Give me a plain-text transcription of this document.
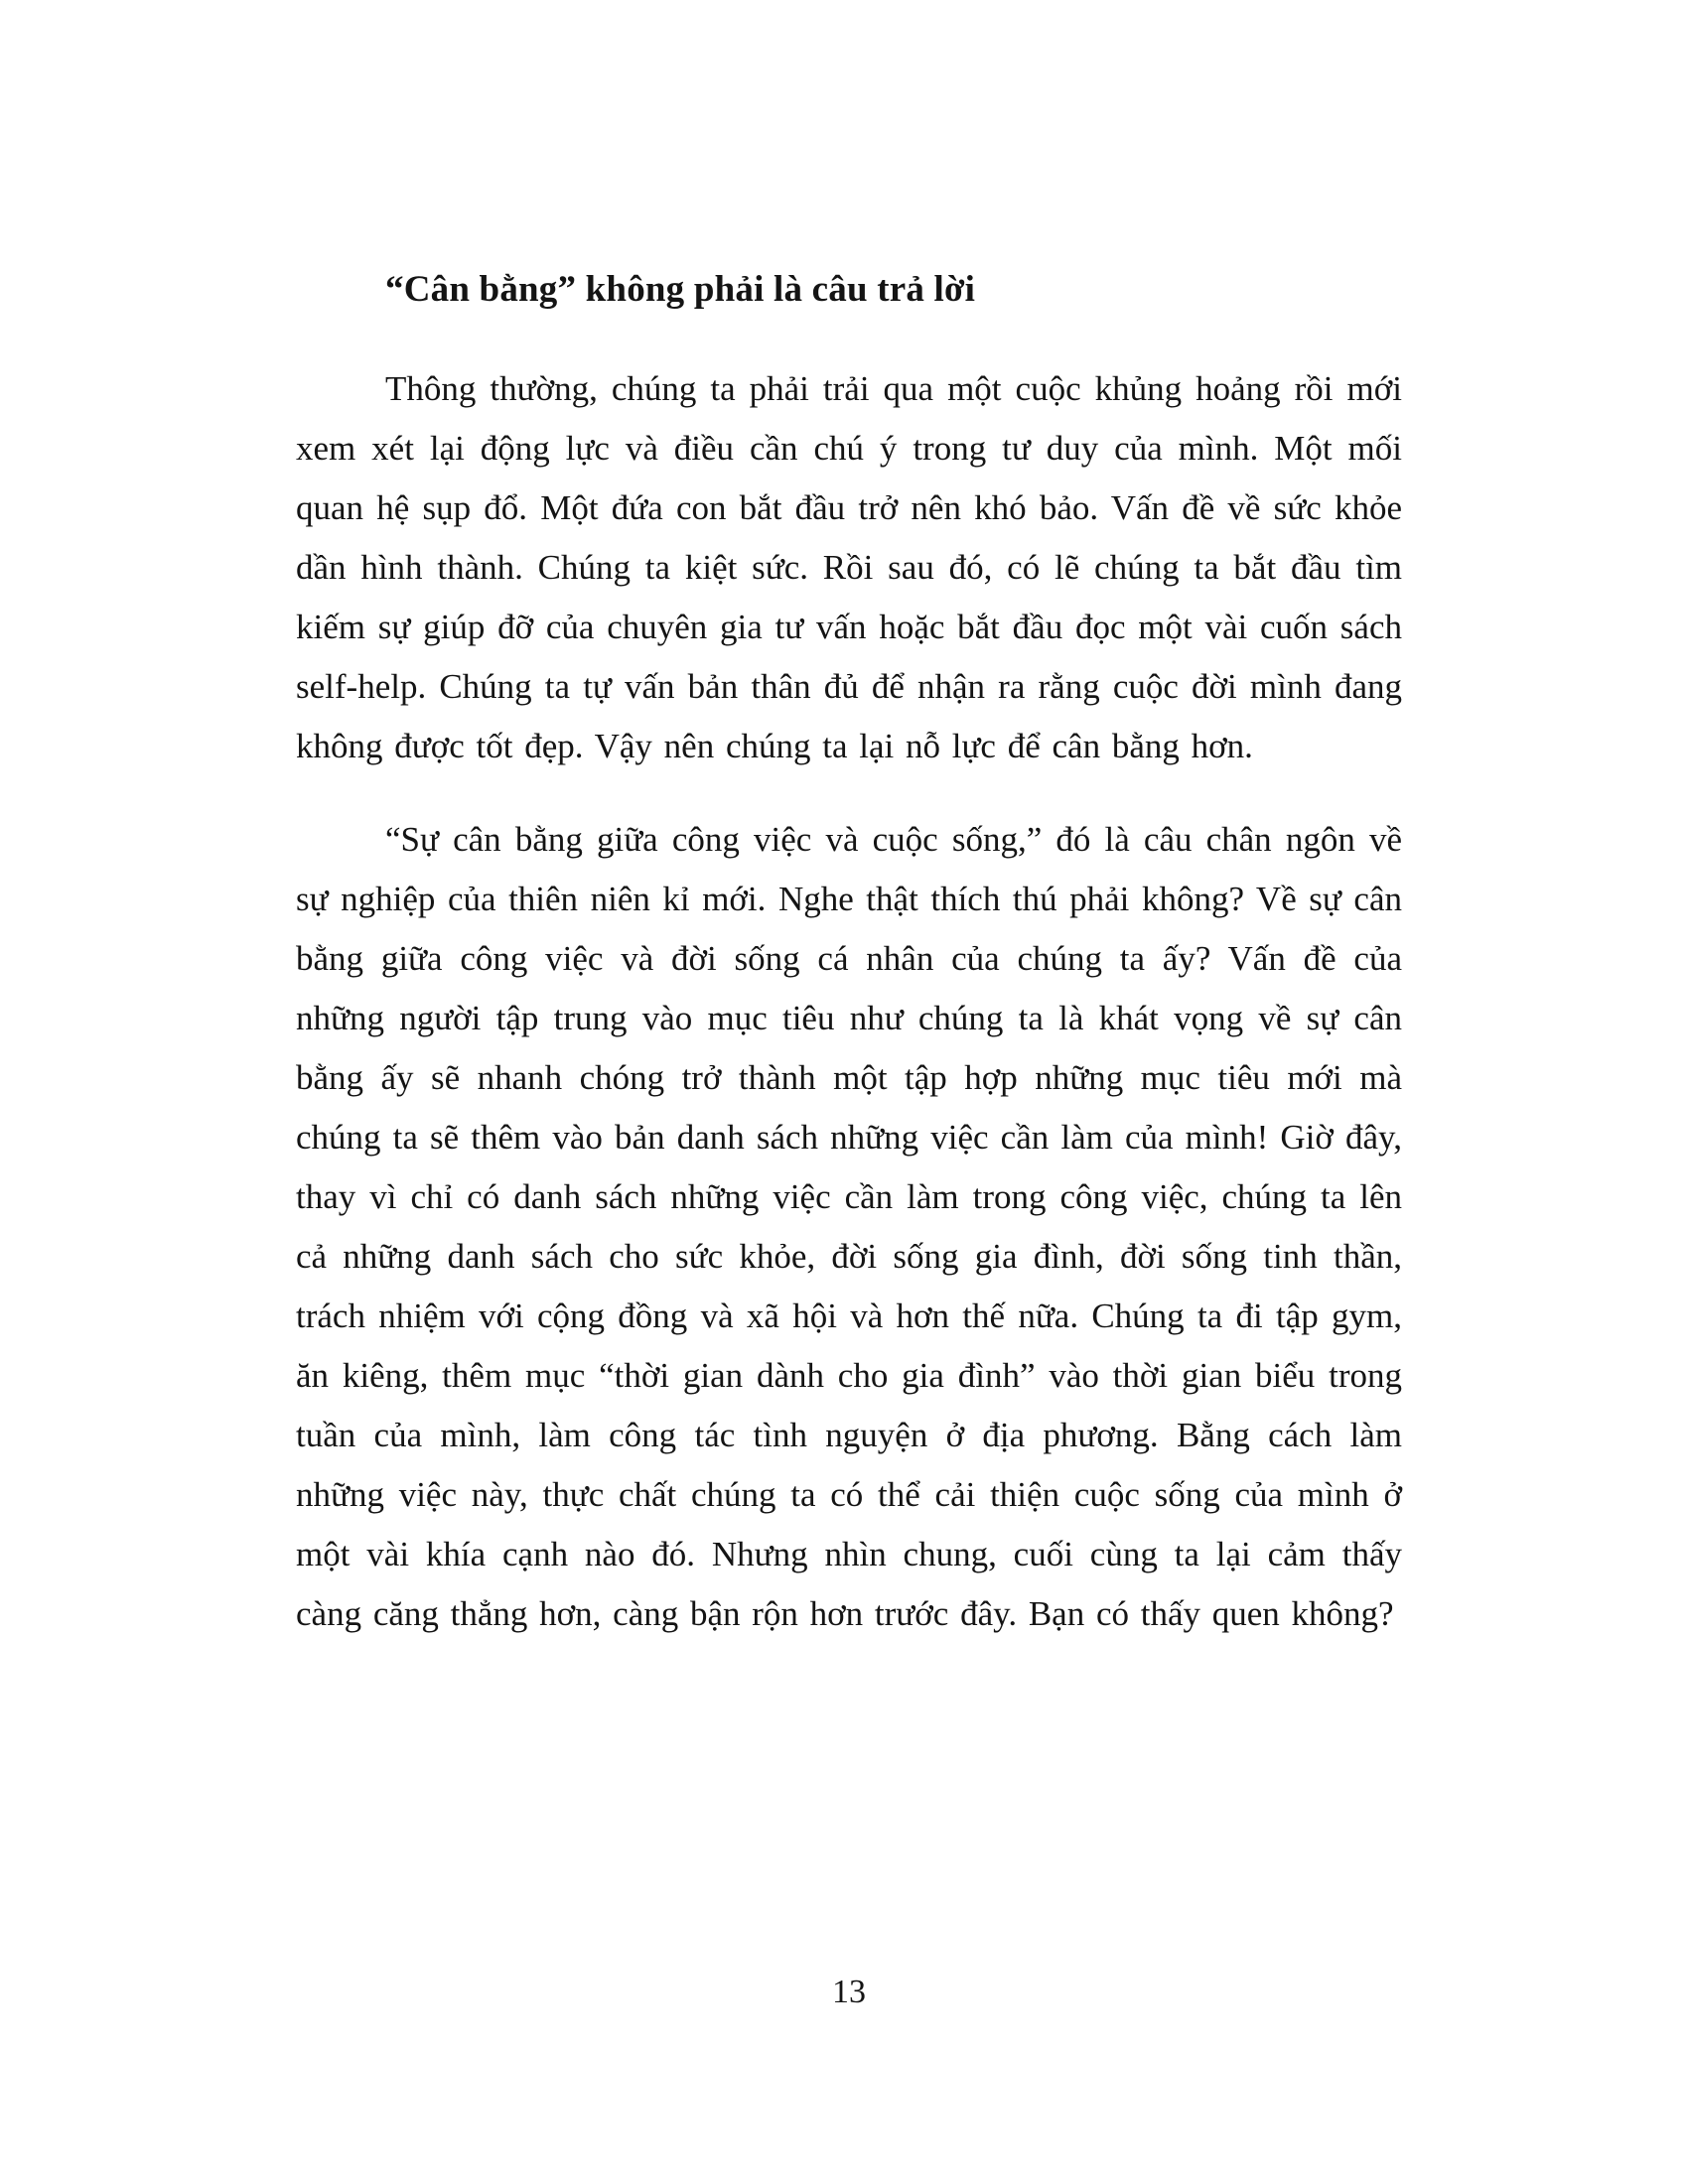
“Cân bằng” không phải là câu trả lời

Thông thường, chúng ta phải trải qua một cuộc khủng hoảng rồi mới xem xét lại động lực và điều cần chú ý trong tư duy của mình. Một mối quan hệ sụp đổ. Một đứa con bắt đầu trở nên khó bảo. Vấn đề về sức khỏe dần hình thành. Chúng ta kiệt sức. Rồi sau đó, có lẽ chúng ta bắt đầu tìm kiếm sự giúp đỡ của chuyên gia tư vấn hoặc bắt đầu đọc một vài cuốn sách self-help. Chúng ta tự vấn bản thân đủ để nhận ra rằng cuộc đời mình đang không được tốt đẹp. Vậy nên chúng ta lại nỗ lực để cân bằng hơn.

“Sự cân bằng giữa công việc và cuộc sống,” đó là câu chân ngôn về sự nghiệp của thiên niên kỉ mới. Nghe thật thích thú phải không? Về sự cân bằng giữa công việc và đời sống cá nhân của chúng ta ấy? Vấn đề của những người tập trung vào mục tiêu như chúng ta là khát vọng về sự cân bằng ấy sẽ nhanh chóng trở thành một tập hợp những mục tiêu mới mà chúng ta sẽ thêm vào bản danh sách những việc cần làm của mình! Giờ đây, thay vì chỉ có danh sách những việc cần làm trong công việc, chúng ta lên cả những danh sách cho sức khỏe, đời sống gia đình, đời sống tinh thần, trách nhiệm với cộng đồng và xã hội và hơn thế nữa. Chúng ta đi tập gym, ăn kiêng, thêm mục “thời gian dành cho gia đình” vào thời gian biểu trong tuần của mình, làm công tác tình nguyện ở địa phương. Bằng cách làm những việc này, thực chất chúng ta có thể cải thiện cuộc sống của mình ở một vài khía cạnh nào đó. Nhưng nhìn chung, cuối cùng ta lại cảm thấy càng căng thẳng hơn, càng bận rộn hơn trước đây. Bạn có thấy quen không?

13
